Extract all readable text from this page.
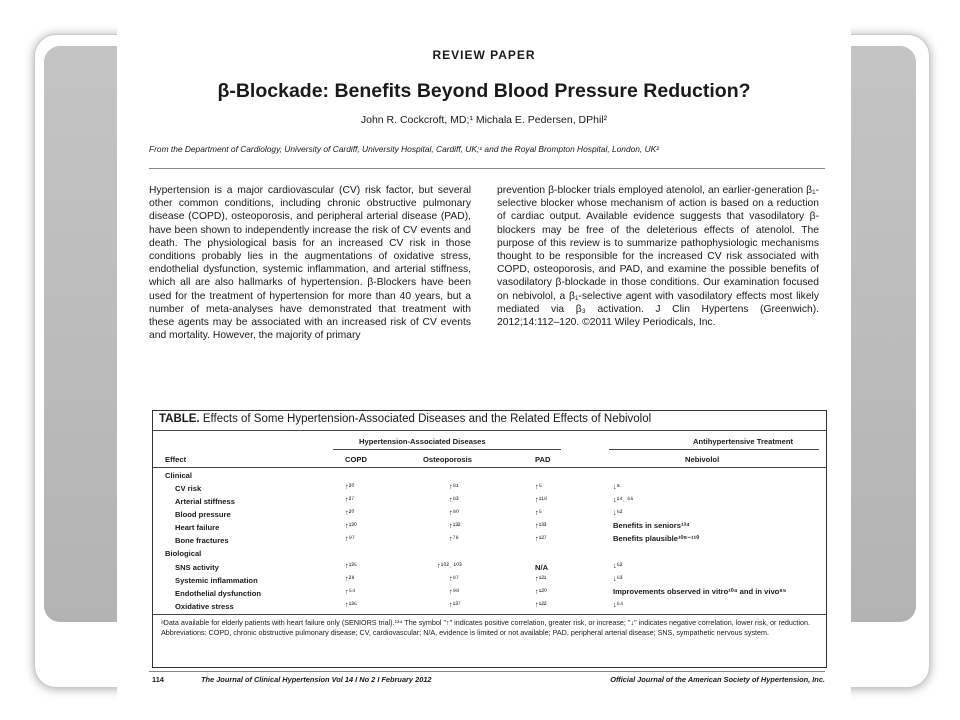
REVIEW PAPER
β-Blockade: Benefits Beyond Blood Pressure Reduction?
John R. Cockcroft, MD;¹ Michala E. Pedersen, DPhil²
From the Department of Cardiology, University of Cardiff, University Hospital, Cardiff, UK;¹ and the Royal Brompton Hospital, London, UK²
Hypertension is a major cardiovascular (CV) risk factor, but several other common conditions, including chronic obstructive pulmonary disease (COPD), osteoporosis, and peripheral arterial disease (PAD), have been shown to independently increase the risk of CV events and death. The physiological basis for an increased CV risk in those conditions probably lies in the augmentations of oxidative stress, endothelial dysfunction, systemic inflammation, and arterial stiffness, which all are also hallmarks of hypertension. β-Blockers have been used for the treatment of hypertension for more than 40 years, but a number of meta-analyses have demonstrated that treatment with these agents may be associated with an increased risk of CV events and mortality. However, the majority of primary
prevention β-blocker trials employed atenolol, an earlier-generation β₁-selective blocker whose mechanism of action is based on a reduction of cardiac output. Available evidence suggests that vasodilatory β-blockers may be free of the deleterious effects of atenolol. The purpose of this review is to summarize pathophysiologic mechanisms thought to be responsible for the increased CV risk associated with COPD, osteoporosis, and PAD, and examine the possible benefits of vasodilatory β-blockade in those conditions. Our examination focused on nebivolol, a β₁-selective agent with vasodilatory effects most likely mediated via β₃ activation. J Clin Hypertens (Greenwich). 2012;14:112–120. ©2011 Wiley Periodicals, Inc.
TABLE. Effects of Some Hypertension-Associated Diseases and the Related Effects of Nebivolol
Hypertension-Associated Diseases	Antihypertensive Treatment
Effect	COPD	Osteoporosis	PAD	Nebivolol
Clinical
CV risk	↑²⁰	↑⁸¹	↑⁵	↓ᵃ
Arterial stiffness	↑²⁷	↑⁸³	↑¹¹⁸	↓¹⁴˒ ⁶⁶
Blood pressure	↑²⁰	↑⁸⁰	↑⁵	↓⁶²
Heart failure	↑¹³⁰	↑¹³²	↑¹³³	Benefits in seniors¹³⁴
Bone fractures	↑⁹⁷	↑⁷⁸	↑¹²⁷	Benefits plausible¹⁰⁸⁻¹¹⁰
Biological
SNS activity	↑¹³⁵	↑¹⁰²˒ ¹⁰³	N/A	↓⁶²
Systemic inflammation	↑²⁸	↑⁸⁷	↑¹²¹	↓⁶³
Endothelial dysfunction	↑⁵⁴	↑⁹⁸	↑¹²⁰	Improvements observed in vitro¹⁰⁴ and in vivo⁶⁵
Oxidative stress	↑¹³⁶	↑¹³⁷	↑¹²²	↓⁶⁴
ᵃData available for elderly patients with heart failure only (SENIORS trial).¹³⁴ The symbol "↑" indicates positive correlation, greater risk, or increase; "↓" indicates negative correlation, lower risk, or reduction. Abbreviations: COPD, chronic obstructive pulmonary disease; CV, cardiovascular; N/A, evidence is limited or not available; PAD, peripheral arterial disease; SNS, sympathetic nervous system.
114	The Journal of Clinical Hypertension Vol 14 I No 2 I February 2012	Official Journal of the American Society of Hypertension, Inc.
